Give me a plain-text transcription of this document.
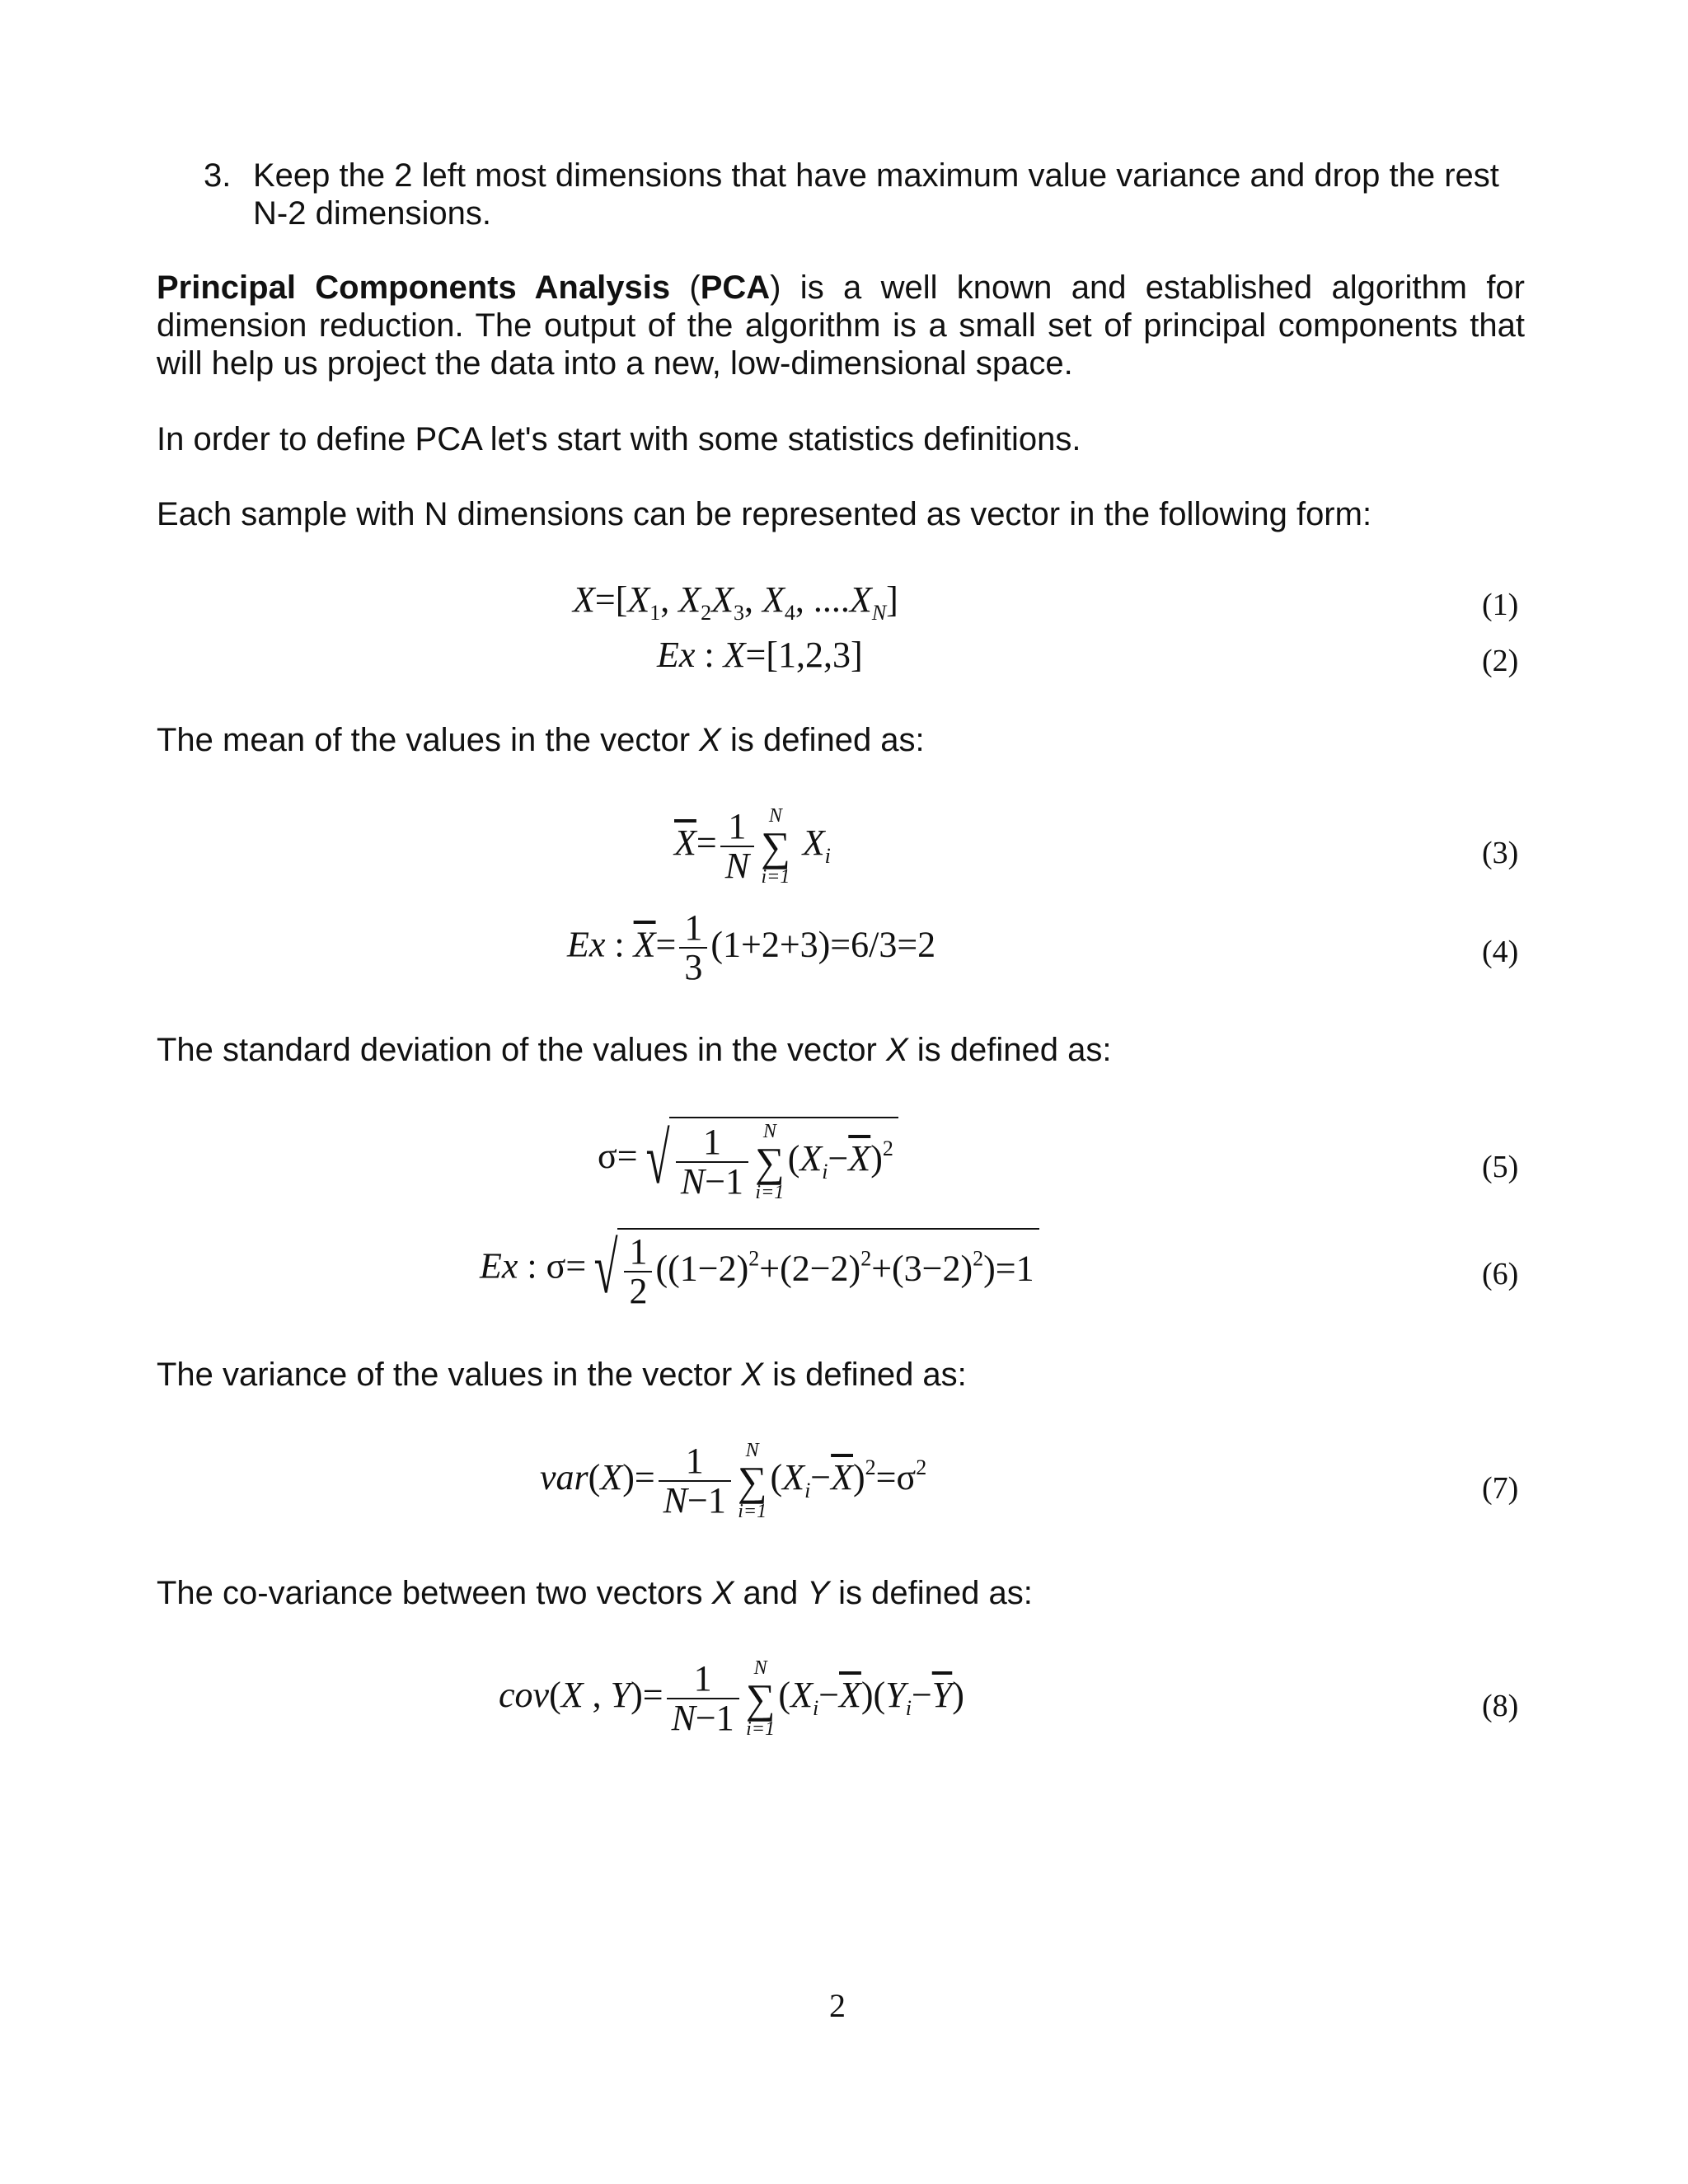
3. Keep the 2 left most dimensions that have maximum value variance and drop the rest N-2 dimensions.
Principal Components Analysis (PCA) is a well known and established algorithm for dimension reduction. The output of the algorithm is a small set of principal components that will help us project the data into a new, low-dimensional space.
In order to define PCA let's start with some statistics definitions.
Each sample with N dimensions can be represented as vector in the following form:
$X=[X_1$, $X_2X_3$, $X_4$, $....X_N$]	(1)
Ex : X=[1,2,3]	(2)
The mean of the values in the vector X is defined as:
$\overline{X}= \frac{1}{N}$ N
∑
i=1
$X_i$	(3)
Ex : $\overline{X}= \frac{1}{3} (1+2+3)=6/3=2$	(4)
The standard deviation of the values in the vector X is defined as:
σ= √ $\frac{1}{N-1}$ N
∑
i=1
$(X_i-\overline{X})^2$
(5)
Ex : σ= √ $\frac{1}{2} ((1-2)^2+(2-2)^2+(3-2)^2)=1$	(6)
The variance of the values in the vector X is defined as:
$var(X)= \frac{1}{N-1}$ N
∑
i=1
$(X_i-\overline{X})^2=\sigma^2$
(7)
The co-variance between two vectors X and Y is defined as:
cov(X , $Y)= \frac{1}{N-1}$ N
∑
i=1
$(X_i-\overline{X})(Y_i-\overline{Y})$	(8)
2
